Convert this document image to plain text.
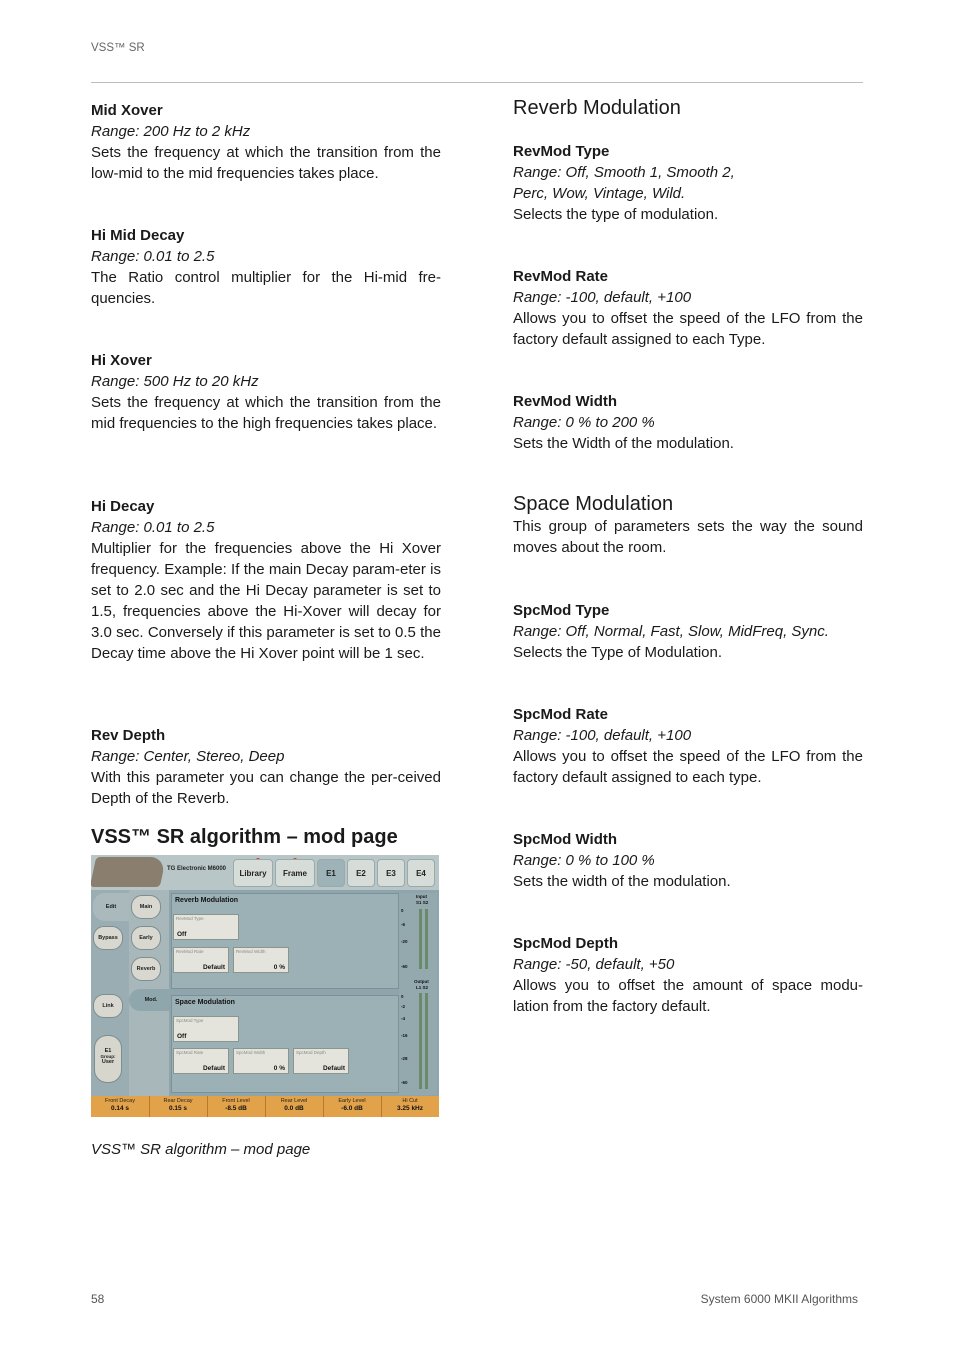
VSS™ SR
Mid Xover
Range: 200 Hz to 2 kHz
Sets the frequency at which the transition from the low-mid to the mid frequencies takes place.
Hi Mid Decay
Range: 0.01 to 2.5
The Ratio control multiplier for the Hi-mid fre-quencies.
Hi Xover
Range: 500 Hz to 20 kHz
Sets the frequency at which the transition from the mid frequencies to the high frequencies takes place.
Hi Decay
Range: 0.01 to 2.5
Multiplier for the frequencies above the Hi Xover frequency. Example: If the main Decay param-eter is set to 2.0 sec and the Hi Decay parameter is set to 1.5, frequencies above the Hi-Xover will decay for 3.0 sec. Conversely if this parameter is set to 0.5 the Decay time above the Hi Xover point will be 1 sec.
Rev Depth
Range: Center, Stereo, Deep
With this parameter you can change the per-ceived Depth of the Reverb.
VSS™ SR algorithm – mod page
TG Electronic M6000	Library	Frame	E1	E2	E3	E4
Edit
Bypass
Link
E1
Group:
User
Main
Early
Reverb
Mod.
Reverb Modulation
RevMod Type
Off
RevMod Rate
Default
RevMod Width
0 %
Space Modulation
SpcMod Type
Off
SpcMod Rate
Default
SpcMod Width
0 %
SpcMod Depth
Default
Input
S1 S2
0
-6
-20
-60
Output
L1 S2
0
-2
-4
-16
-28
-60
Front Decay
0.14 s
Rear Decay
0.15 s
Front Level
-8.5 dB
Rear Level
0.0 dB
Early Level
-6.0 dB
Hi Cut
3.25 kHz
VSS™ SR algorithm – mod page
Reverb Modulation
RevMod Type
Range: Off, Smooth 1, Smooth 2, Perc, Wow, Vintage, Wild.
Selects the type of modulation.
RevMod Rate
Range: -100, default, +100
Allows you to offset the speed of the LFO from the factory default assigned to each Type.
RevMod Width
Range: 0 % to 200 %
Sets the Width of the modulation.
Space Modulation
This group of parameters sets the way the sound moves about the room.
SpcMod Type
Range: Off, Normal, Fast, Slow, MidFreq, Sync.
Selects the Type of Modulation.
SpcMod Rate
Range: -100, default, +100
Allows you to offset the speed of the LFO from the factory default assigned to each type.
SpcMod Width
Range: 0 % to 100 %
Sets the width of the modulation.
SpcMod Depth
Range: -50, default, +50
Allows you to offset the amount of space modu-lation from the factory default.
58	System 6000 MKII Algorithms
